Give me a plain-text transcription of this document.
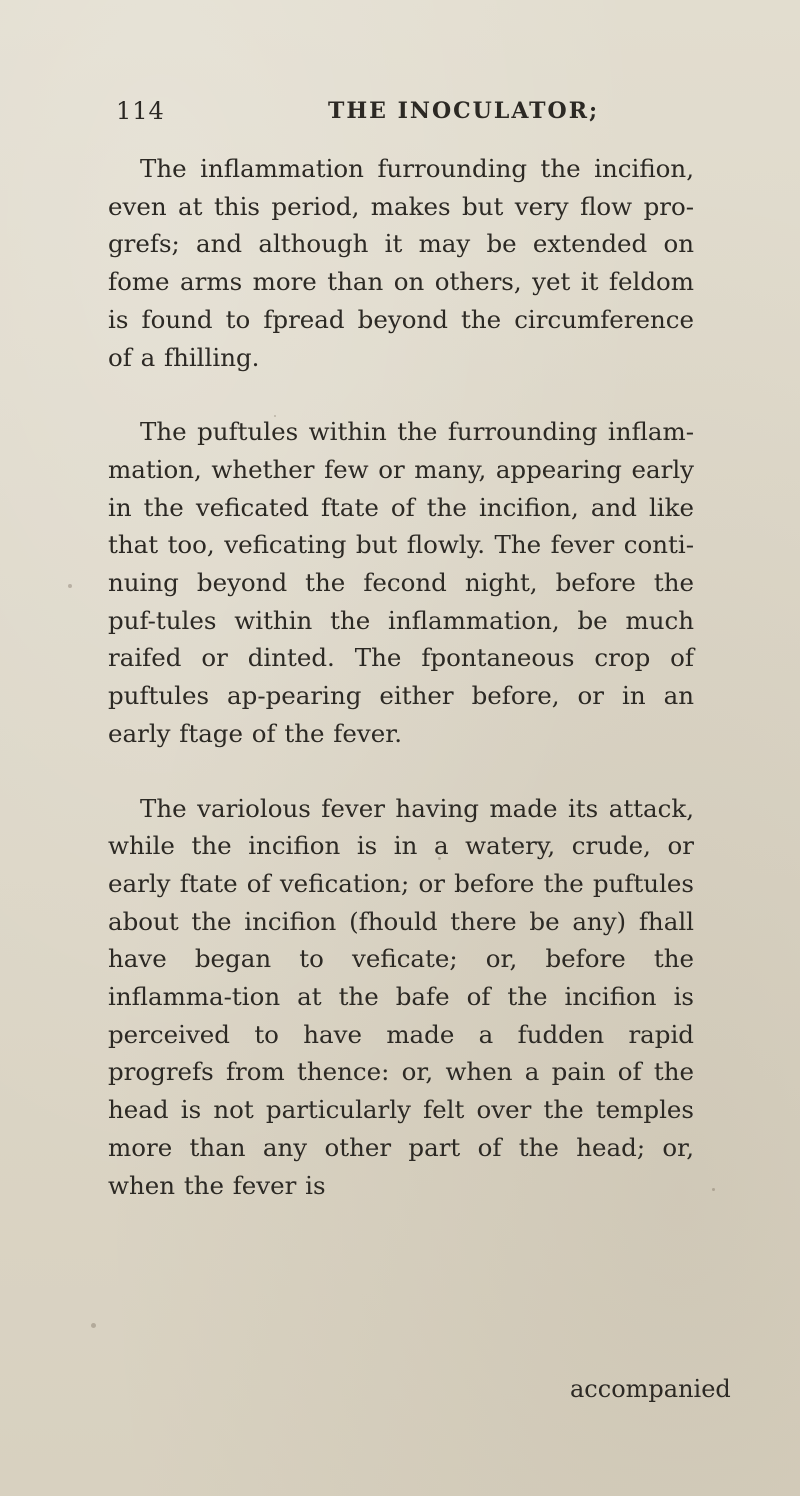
114	THE INOCULATOR;

The inflammation furrounding the incifion, even at this period, makes but very flow pro-grefs; and although it may be extended on fome arms more than on others, yet it feldom is found to fpread beyond the circumference of a fhilling.

The puftules within the furrounding inflam-mation, whether few or many, appearing early in the veficated ftate of the incifion, and like that too, veficating but flowly. The fever conti-nuing beyond the fecond night, before the puf-tules within the inflammation, be much raifed or dinted. The fpontaneous crop of puftules ap-pearing either before, or in an early ftage of the fever.

The variolous fever having made its attack, while the incifion is in a watery, crude, or early ftate of vefication; or before the puftules about the incifion (fhould there be any) fhall have began to veficate; or, before the inflamma-tion at the bafe of the incifion is perceived to have made a fudden rapid progrefs from thence: or, when a pain of the head is not particularly felt over the temples more than any other part of the head; or, when the fever is

accompanied
